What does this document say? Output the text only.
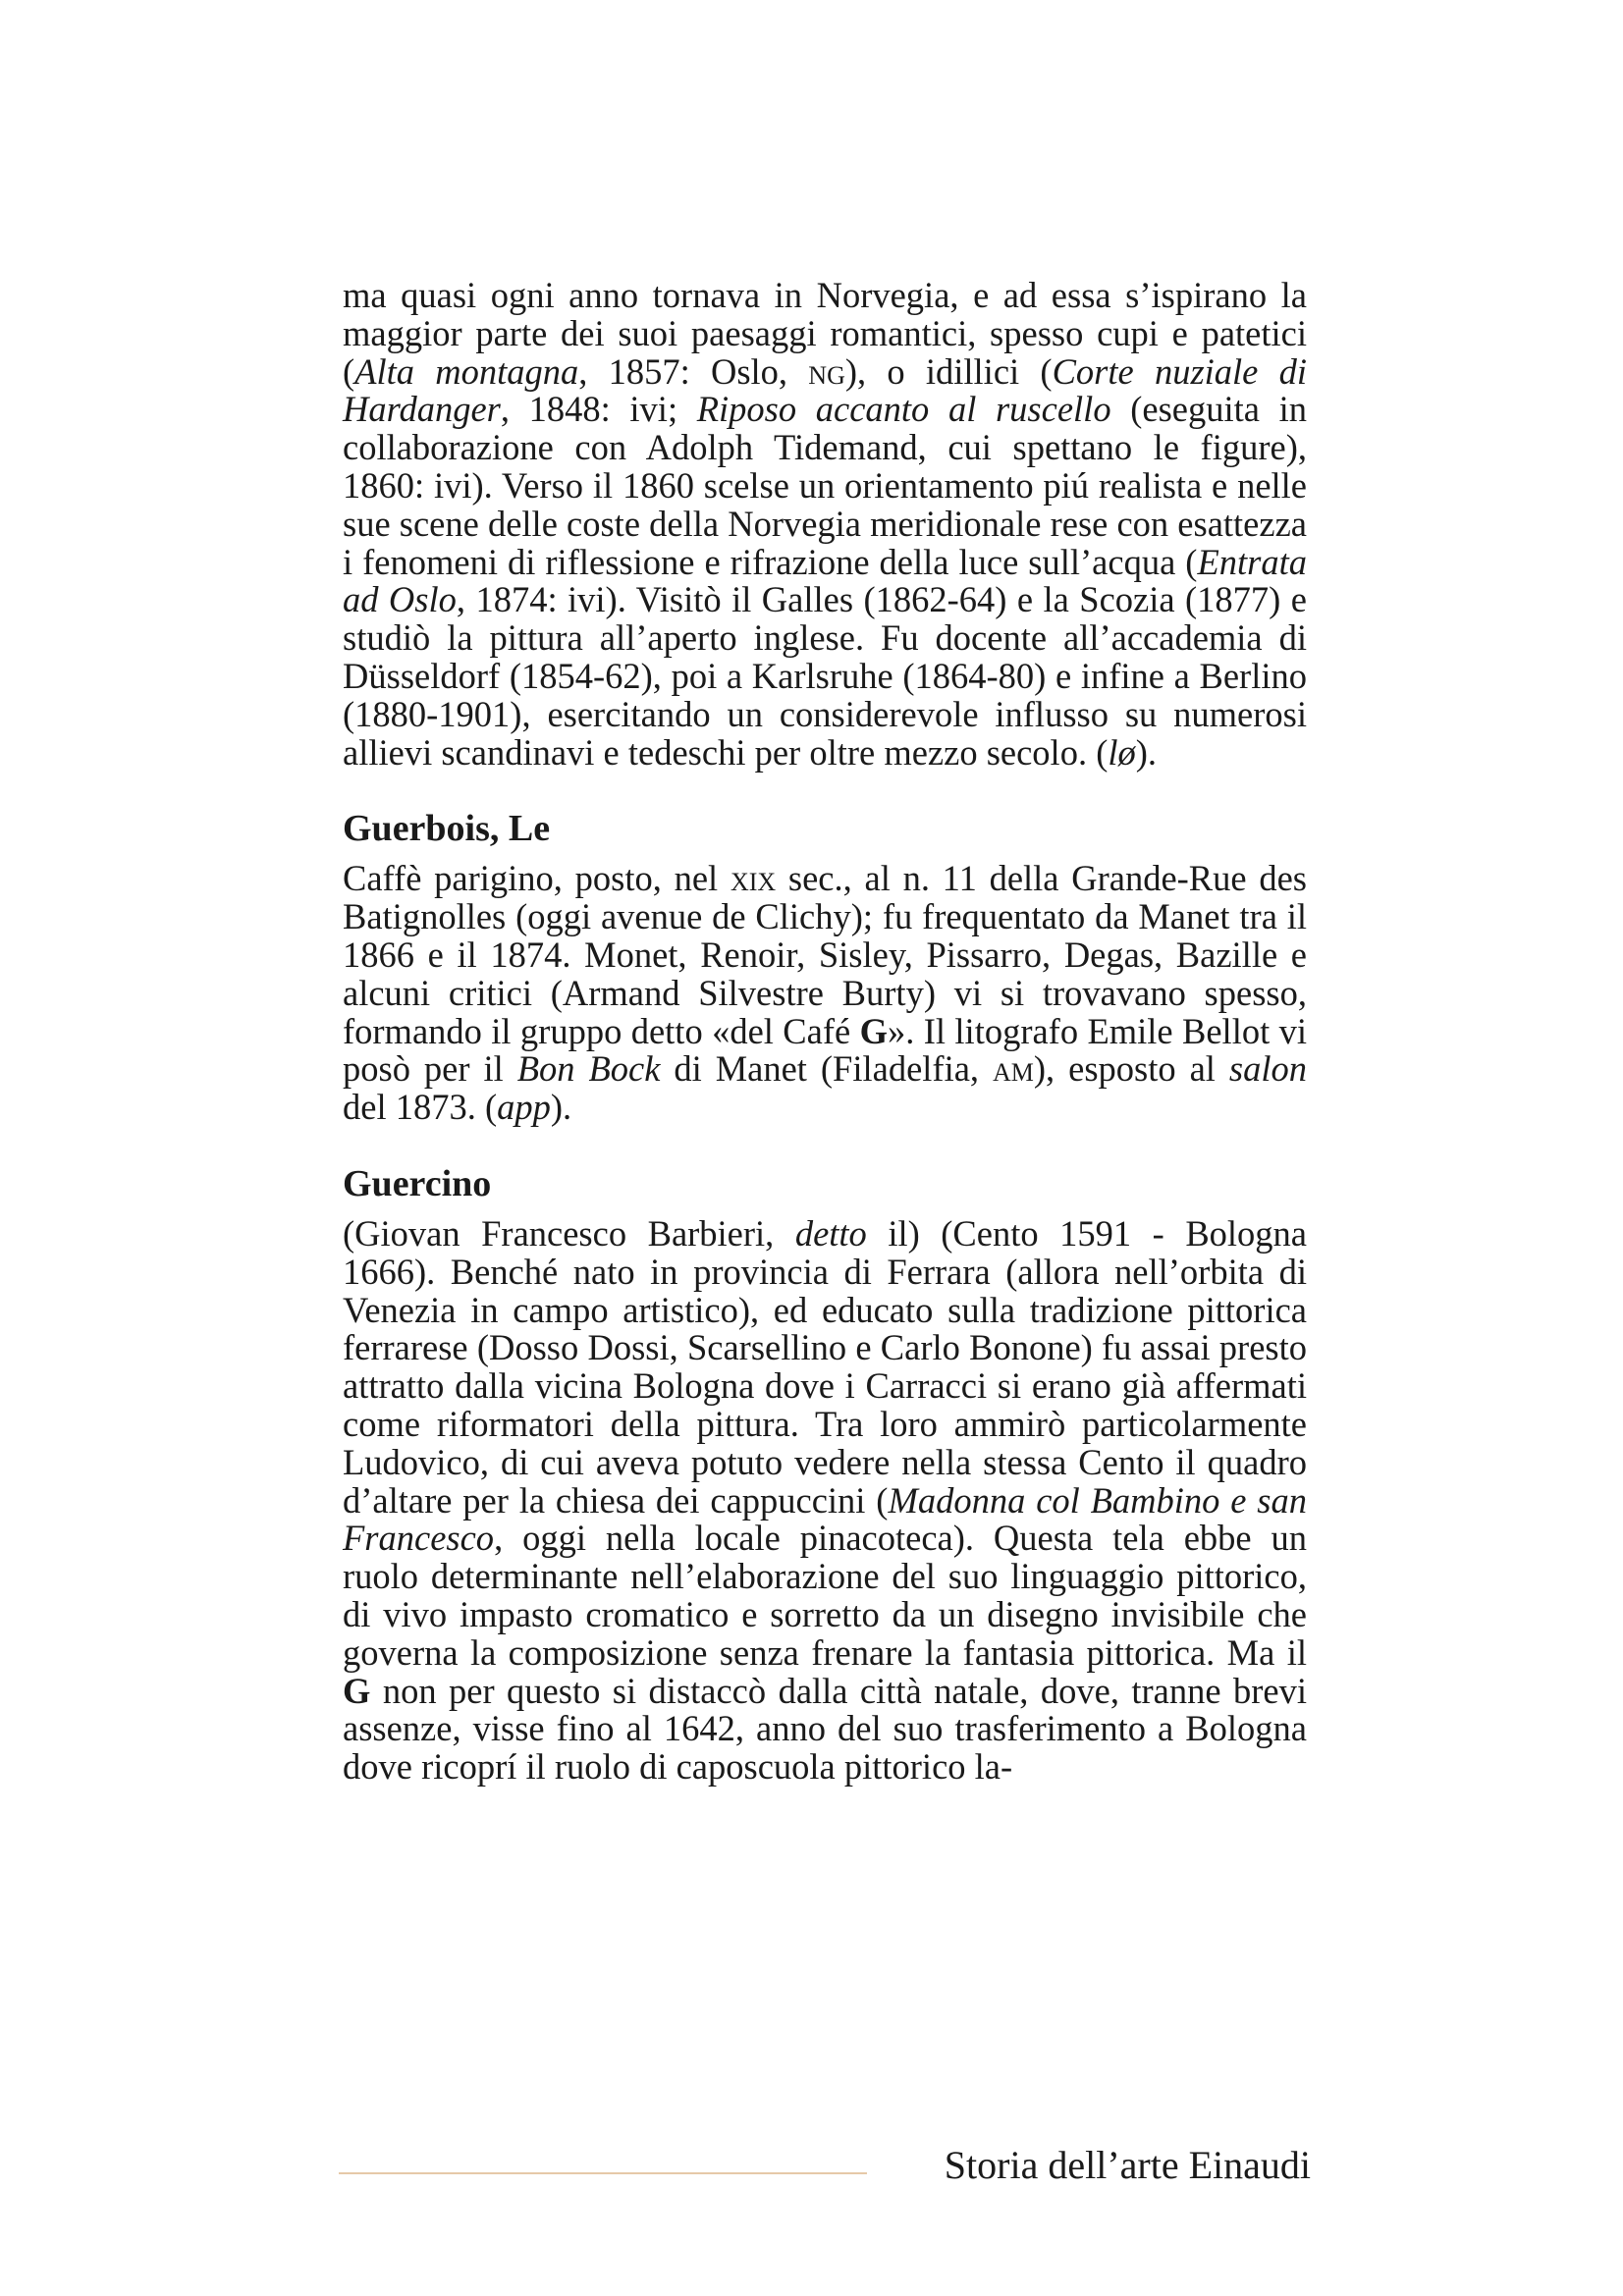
ma quasi ogni anno tornava in Norvegia, e ad essa s’ispirano la maggior parte dei suoi paesaggi romantici, spesso cupi e patetici (Alta montagna, 1857: Oslo, ng), o idillici (Corte nuziale di Hardanger, 1848: ivi; Riposo accanto al ruscello (eseguita in collaborazione con Adolph Tidemand, cui spettano le figure), 1860: ivi). Verso il 1860 scelse un orientamento piú realista e nelle sue scene delle coste della Norvegia meridionale rese con esattezza i fenomeni di riflessione e rifrazione della luce sull’acqua (Entrata ad Oslo, 1874: ivi). Visitò il Galles (1862-64) e la Scozia (1877) e studiò la pittura all’aperto inglese. Fu docente all’accademia di Düsseldorf (1854-62), poi a Karlsruhe (1864-80) e infine a Berlino (1880-1901), esercitando un considerevole influsso su numerosi allievi scandinavi e tedeschi per oltre mezzo secolo. (lø).

Guerbois, Le

Caffè parigino, posto, nel xix sec., al n. 11 della Grande-Rue des Batignolles (oggi avenue de Clichy); fu frequentato da Manet tra il 1866 e il 1874. Monet, Renoir, Sisley, Pissarro, Degas, Bazille e alcuni critici (Armand Silvestre Burty) vi si trovavano spesso, formando il gruppo detto «del Café G». Il litografo Emile Bellot vi posò per il Bon Bock di Manet (Filadelfia, am), esposto al salon del 1873. (app).

Guercino

(Giovan Francesco Barbieri, detto il) (Cento 1591 - Bologna 1666). Benché nato in provincia di Ferrara (allora nell’orbita di Venezia in campo artistico), ed educato sulla tradizione pittorica ferrarese (Dosso Dossi, Scarsellino e Carlo Bonone) fu assai presto attratto dalla vicina Bologna dove i Carracci si erano già affermati come riformatori della pittura. Tra loro ammirò particolarmente Ludovico, di cui aveva potuto vedere nella stessa Cento il quadro d’altare per la chiesa dei cappuccini (Madonna col Bambino e san Francesco, oggi nella locale pinacoteca). Questa tela ebbe un ruolo determinante nell’elaborazione del suo linguaggio pittorico, di vivo impasto cromatico e sorretto da un disegno invisibile che governa la composizione senza frenare la fantasia pittorica. Ma il G non per questo si distaccò dalla città natale, dove, tranne brevi assenze, visse fino al 1642, anno del suo trasferimento a Bologna dove ricoprí il ruolo di caposcuola pittorico la-

Storia dell’arte Einaudi
